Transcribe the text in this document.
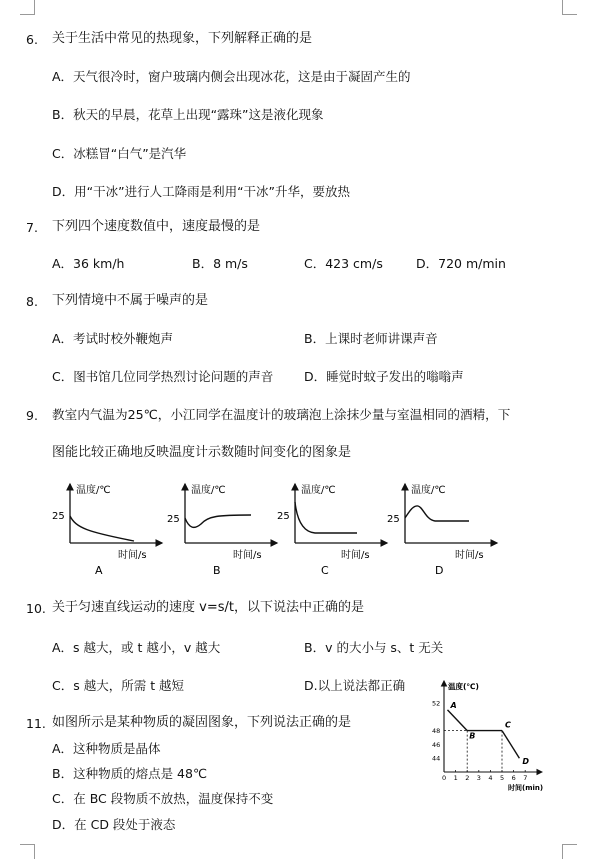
6. 关于生活中常见的热现象，下列解释正确的是
A．天气很冷时，窗户玻璃内侧会出现冰花，这是由于凝固产生的
B．秋天的早晨，花草上出现“露珠”这是液化现象
C．冰糕冒“白气”是汽华
D．用“干冰”进行人工降雨是利用“干冰”升华，要放热
7. 下列四个速度数值中，速度最慢的是
A．36 km/h	B．8 m/s	C．423 cm/s	D．720 m/min
8. 下列情境中不属于噪声的是
A．考试时校外鞭炮声	B．上课时老师讲课声音
C．图书馆几位同学热烈讨论问题的声音 D．睡觉时蚊子发出的嗡嗡声
9. 教室内气温为25℃，小江同学在温度计的玻璃泡上涂抹少量与室温相同的酒精，下
图能比较正确地反映温度计示数随时间变化的图象是
温度/℃
25
时间/s
A
温度/℃
25
时间/s
B
温度/℃
25
时间/s
C
温度/℃
25
时间/s
D
10. 关于匀速直线运动的速度 v=s/t，以下说法中正确的是
A．s 越大，或 t 越小，v 越大	B．v 的大小与 s、t 无关
C．s 越大，所需 t 越短	D.以上说法都正确
11. 如图所示是某种物质的凝固图象，下列说法正确的是
A．这种物质是晶体
B．这种物质的熔点是 48℃
C．在 BC 段物质不放热，温度保持不变
D．在 CD 段处于液态
温度(℃)
时间(min)
52
48
46
44
0 1 2 3 4 5 6 7
A
B
C
D
